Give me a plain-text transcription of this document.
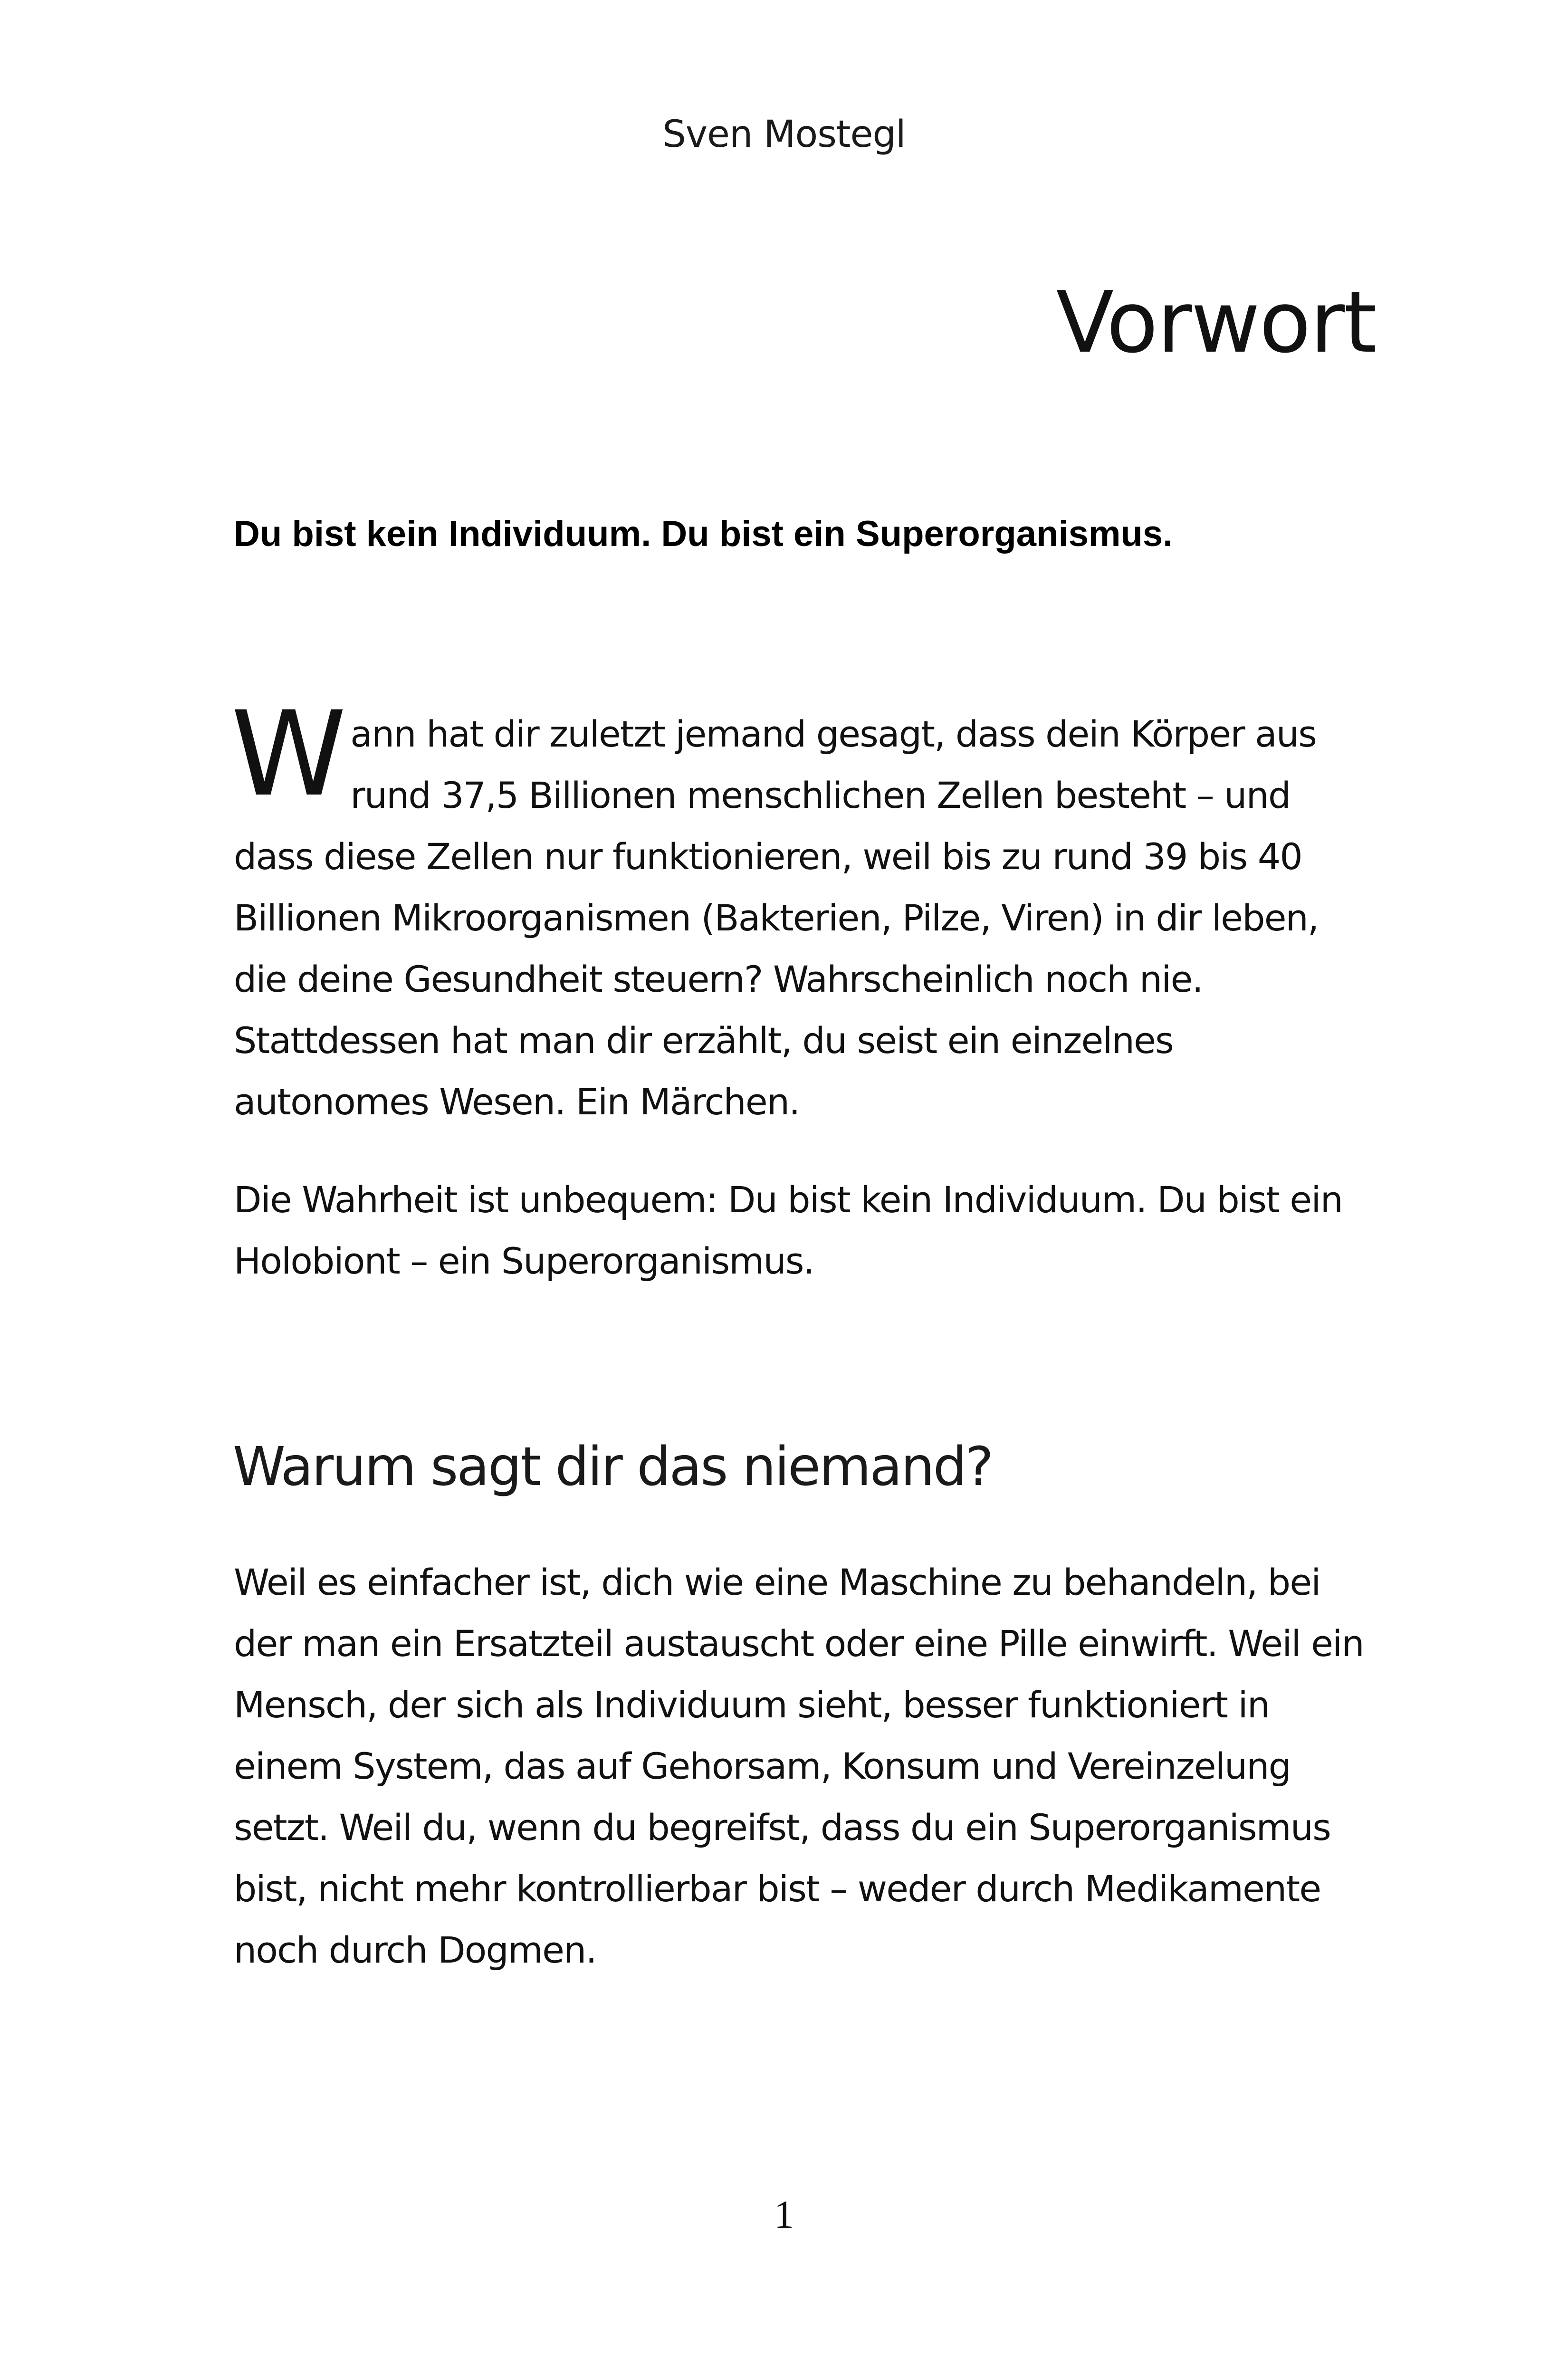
Sven Mostegl
Vorwort

Du bist kein Individuum. Du bist ein Superorganismus.

Wann hat dir zuletzt jemand gesagt, dass dein Körper aus rund 37,5 Billionen menschlichen Zellen besteht – und dass diese Zellen nur funktionieren, weil bis zu rund 39 bis 40 Billionen Mikroorganismen (Bakterien, Pilze, Viren) in dir leben, die deine Gesundheit steuern? Wahrscheinlich noch nie. Stattdessen hat man dir erzählt, du seist ein einzelnes autonomes Wesen. Ein Märchen.

Die Wahrheit ist unbequem: Du bist kein Individuum. Du bist ein Holobiont – ein Superorganismus.

Warum sagt dir das niemand?

Weil es einfacher ist, dich wie eine Maschine zu behandeln, bei der man ein Ersatzteil austauscht oder eine Pille einwirft. Weil ein Mensch, der sich als Individuum sieht, besser funktioniert in einem System, das auf Gehorsam, Konsum und Vereinzelung setzt. Weil du, wenn du begreifst, dass du ein Superorganismus bist, nicht mehr kontrollierbar bist – weder durch Medikamente noch durch Dogmen.

1
